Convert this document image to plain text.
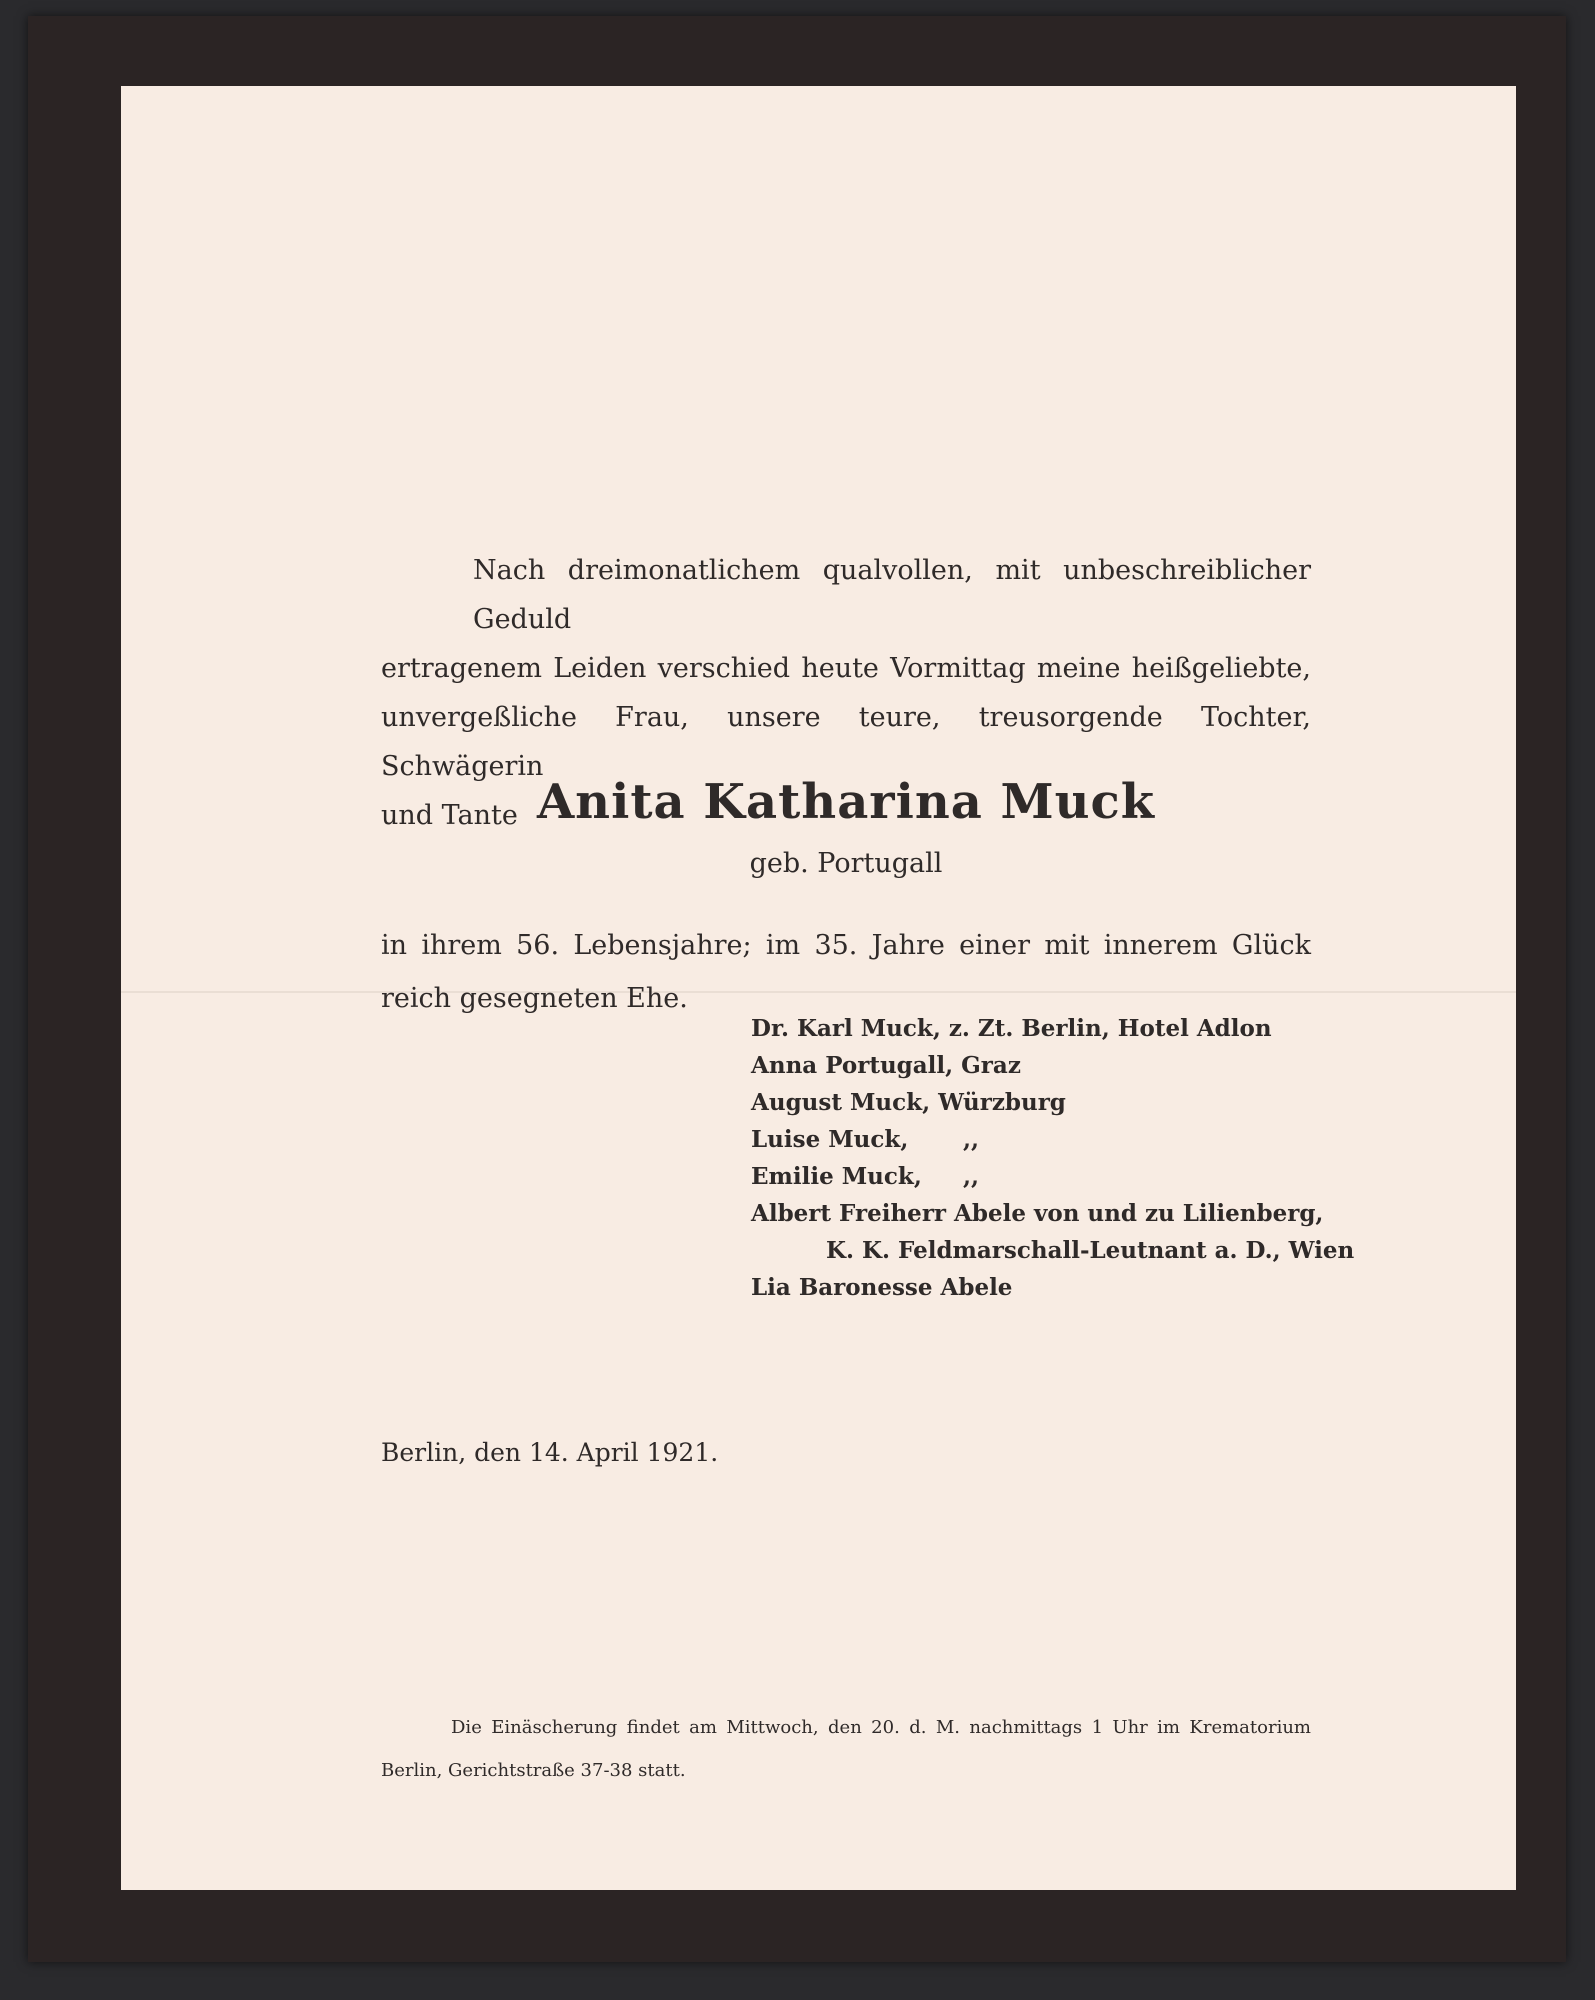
Nach dreimonatlichem qualvollen, mit unbeschreiblicher Geduld
ertragenem Leiden verschied heute Vormittag meine heißgeliebte,
unvergeßliche Frau, unsere teure, treusorgende Tochter, Schwägerin
und Tante Anita Katharina Muck
geb. Portugall

in ihrem 56. Lebensjahre; im 35. Jahre einer mit innerem Glück
reich gesegneten Ehe.

Dr. Karl Muck, z. Zt. Berlin, Hotel Adlon
Anna Portugall, Graz
August Muck, Würzburg
Luise Muck, ,,
Emilie Muck, ,,
Albert Freiherr Abele von und zu Lilienberg,
K. K. Feldmarschall-Leutnant a. D., Wien
Lia Baronesse Abele
Berlin, den 14. April 1921.

Die Einäscherung findet am Mittwoch, den 20. d. M. nachmittags 1 Uhr im Krematorium
Berlin, Gerichtstraße 37-38 statt.
